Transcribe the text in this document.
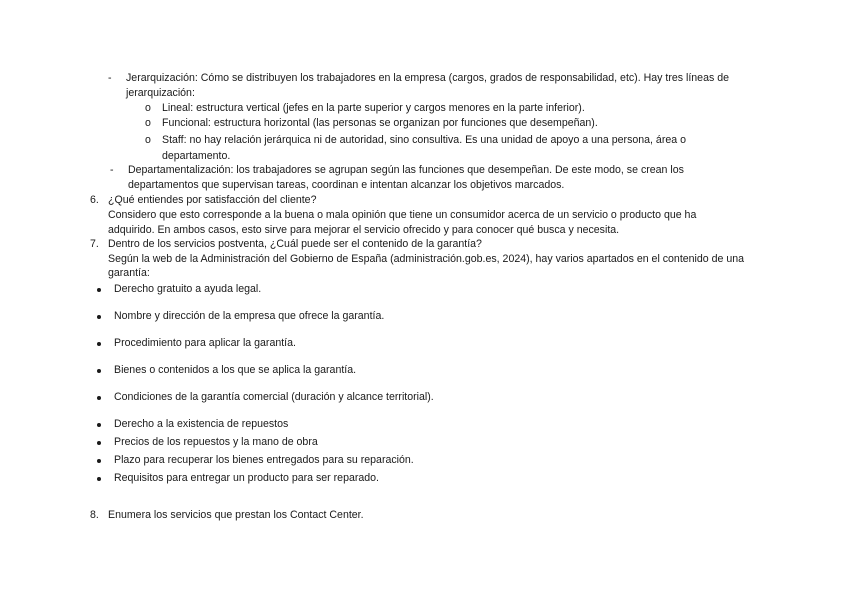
- Jerarquización: Cómo se distribuyen los trabajadores en la empresa (cargos, grados de responsabilidad, etc). Hay tres líneas de
jerarquización:
o Lineal: estructura vertical (jefes en la parte superior y cargos menores en la parte inferior).
o Funcional: estructura horizontal (las personas se organizan por funciones que desempeñan).
o Staff: no hay relación jerárquica ni de autoridad, sino consultiva. Es una unidad de apoyo a una persona, área o
departamento.
- Departamentalización: los trabajadores se agrupan según las funciones que desempeñan. De este modo, se crean los
departamentos que supervisan tareas, coordinan e intentan alcanzar los objetivos marcados.
6. ¿Qué entiendes por satisfacción del cliente?
Considero que esto corresponde a la buena o mala opinión que tiene un consumidor acerca de un servicio o producto que ha
adquirido. En ambos casos, esto sirve para mejorar el servicio ofrecido y para conocer qué busca y necesita.
7. Dentro de los servicios postventa, ¿Cuál puede ser el contenido de la garantía?
Según la web de la Administración del Gobierno de España (administración.gob.es, 2024), hay varios apartados en el contenido de una
garantía:
Derecho gratuito a ayuda legal.
Nombre y dirección de la empresa que ofrece la garantía.
Procedimiento para aplicar la garantía.
Bienes o contenidos a los que se aplica la garantía.
Condiciones de la garantía comercial (duración y alcance territorial).
Derecho a la existencia de repuestos
Precios de los repuestos y la mano de obra
Plazo para recuperar los bienes entregados para su reparación.
Requisitos para entregar un producto para ser reparado.
8. Enumera los servicios que prestan los Contact Center.
